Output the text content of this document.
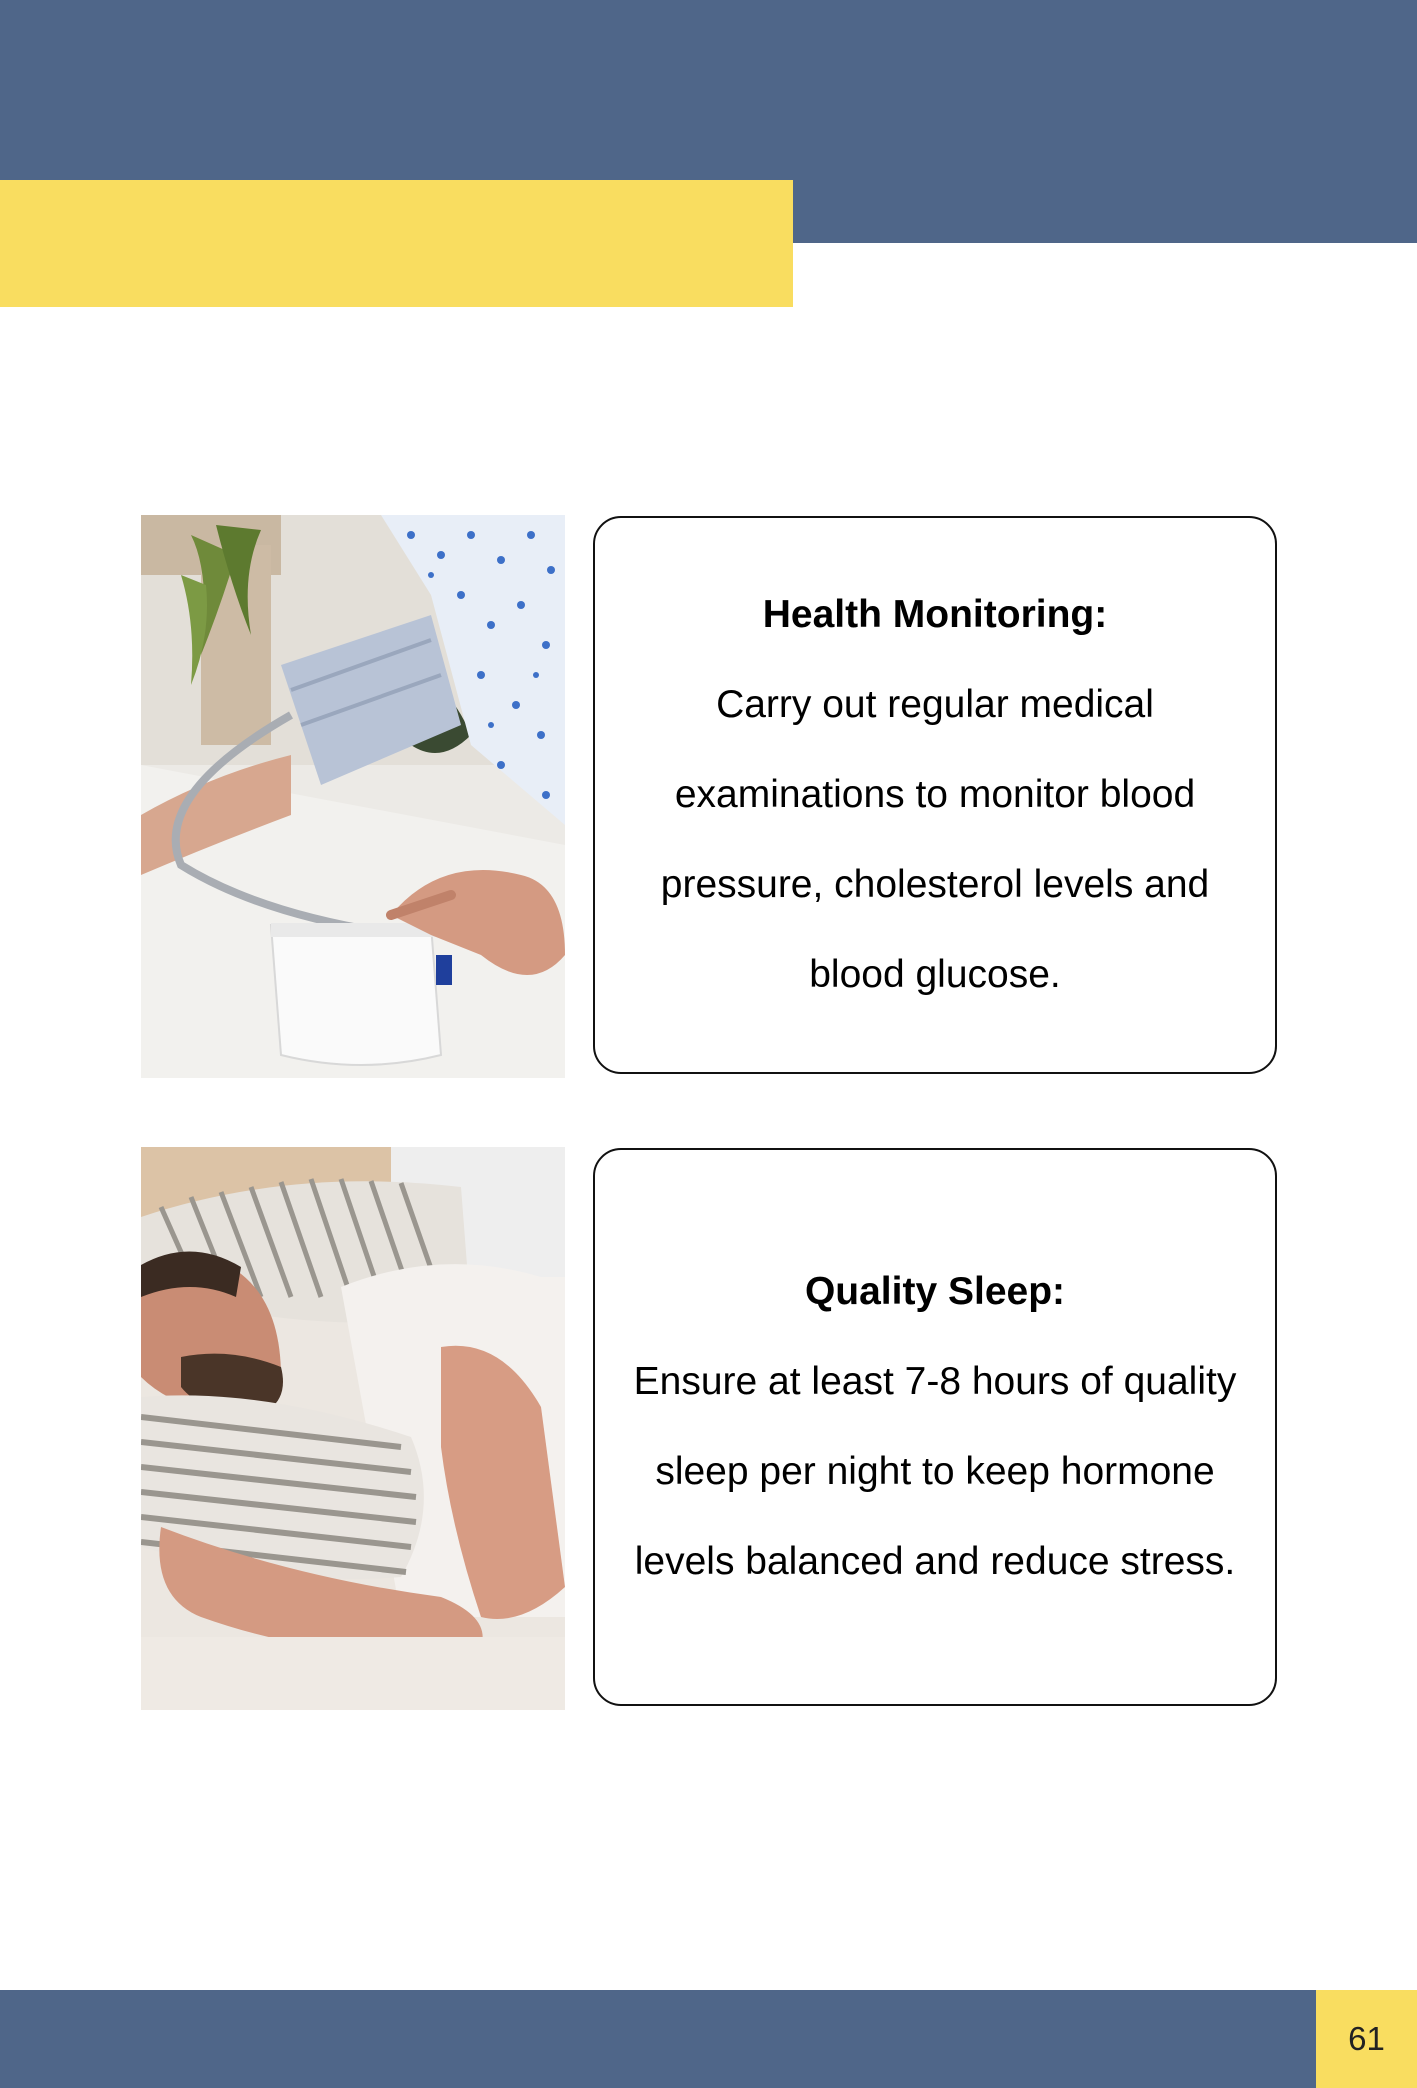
Health Monitoring:
Carry out regular medical examinations to monitor blood pressure, cholesterol levels and blood glucose.
Quality Sleep:
Ensure at least 7-8 hours of quality sleep per night to keep hormone levels balanced and reduce stress.
61
